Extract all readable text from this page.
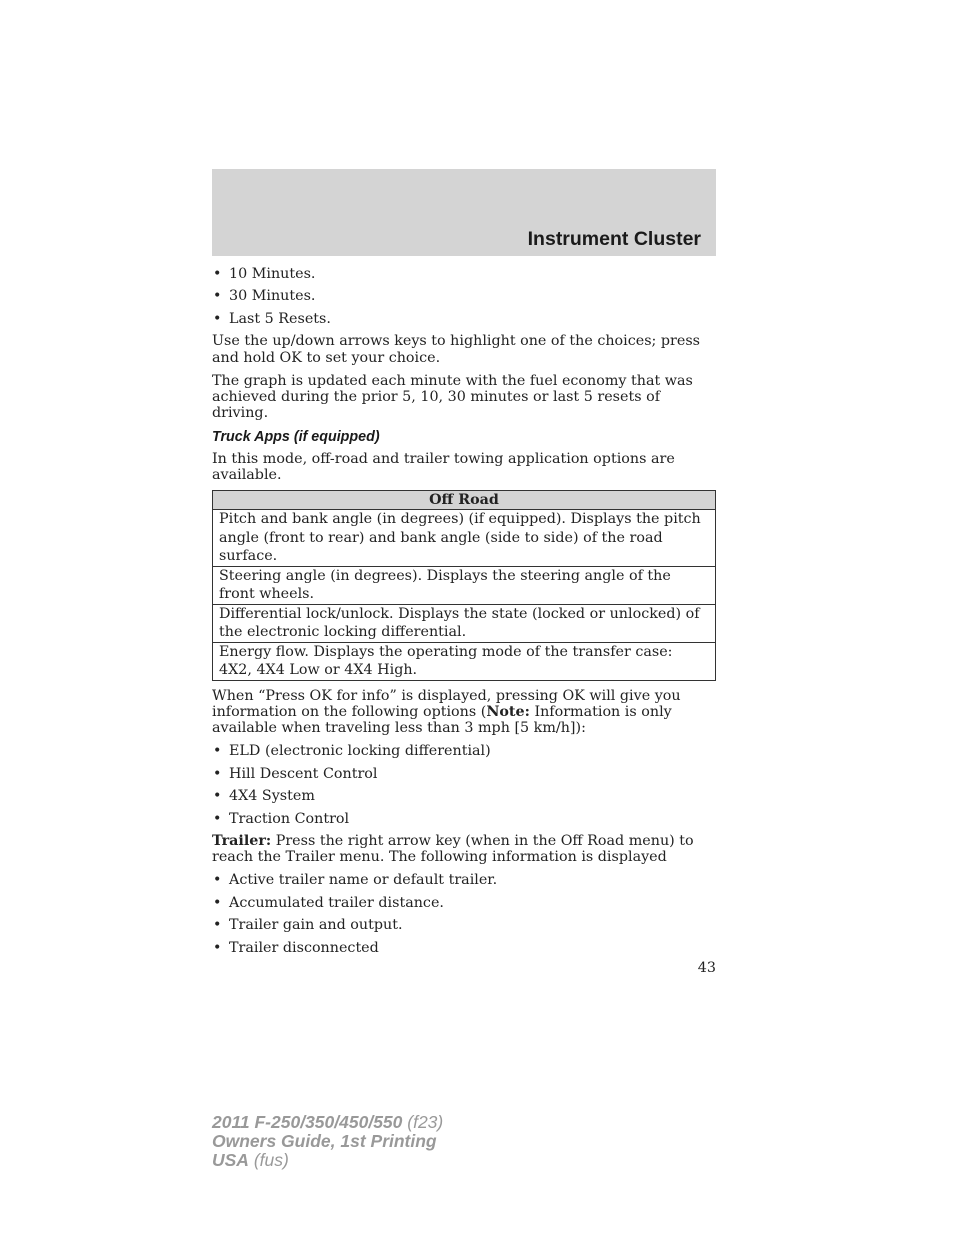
Instrument Cluster
• 10 Minutes.
• 30 Minutes.
• Last 5 Resets.

Use the up/down arrows keys to highlight one of the choices; press and hold OK to set your choice.

The graph is updated each minute with the fuel economy that was achieved during the prior 5, 10, 30 minutes or last 5 resets of driving.

Truck Apps (if equipped)

In this mode, off-road and trailer towing application options are available.

Off Road
Pitch and bank angle (in degrees) (if equipped). Displays the pitch angle (front to rear) and bank angle (side to side) of the road surface.
Steering angle (in degrees). Displays the steering angle of the front wheels.
Differential lock/unlock. Displays the state (locked or unlocked) of the electronic locking differential.
Energy flow. Displays the operating mode of the transfer case: 4X2, 4X4 Low or 4X4 High.

When “Press OK for info” is displayed, pressing OK will give you information on the following options (Note: Information is only available when traveling less than 3 mph [5 km/h]):

• ELD (electronic locking differential)
• Hill Descent Control
• 4X4 System
• Traction Control

Trailer: Press the right arrow key (when in the Off Road menu) to reach the Trailer menu. The following information is displayed

• Active trailer name or default trailer.
• Accumulated trailer distance.
• Trailer gain and output.
• Trailer disconnected
43
2011 F-250/350/450/550 (f23)
Owners Guide, 1st Printing
USA (fus)
